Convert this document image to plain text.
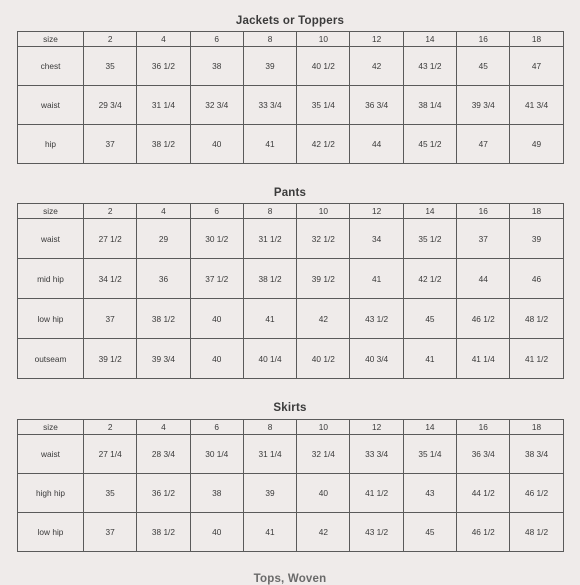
Jackets or Toppers
size	2	4	6	8	10	12	14	16	18
chest	35	36 1/2	38	39	40 1/2	42	43 1/2	45	47
waist	29 3/4	31 1/4	32 3/4	33 3/4	35 1/4	36 3/4	38 1/4	39 3/4	41 3/4
hip	37	38 1/2	40	41	42 1/2	44	45 1/2	47	49
Pants
size	2	4	6	8	10	12	14	16	18
waist	27 1/2	29	30 1/2	31 1/2	32 1/2	34	35 1/2	37	39
mid hip	34 1/2	36	37 1/2	38 1/2	39 1/2	41	42 1/2	44	46
low hip	37	38 1/2	40	41	42	43 1/2	45	46 1/2	48 1/2
outseam	39 1/2	39 3/4	40	40 1/4	40 1/2	40 3/4	41	41 1/4	41 1/2
Skirts
size	2	4	6	8	10	12	14	16	18
waist	27 1/4	28 3/4	30 1/4	31 1/4	32 1/4	33 3/4	35 1/4	36 3/4	38 3/4
high hip	35	36 1/2	38	39	40	41 1/2	43	44 1/2	46 1/2
low hip	37	38 1/2	40	41	42	43 1/2	45	46 1/2	48 1/2
Tops, Woven
